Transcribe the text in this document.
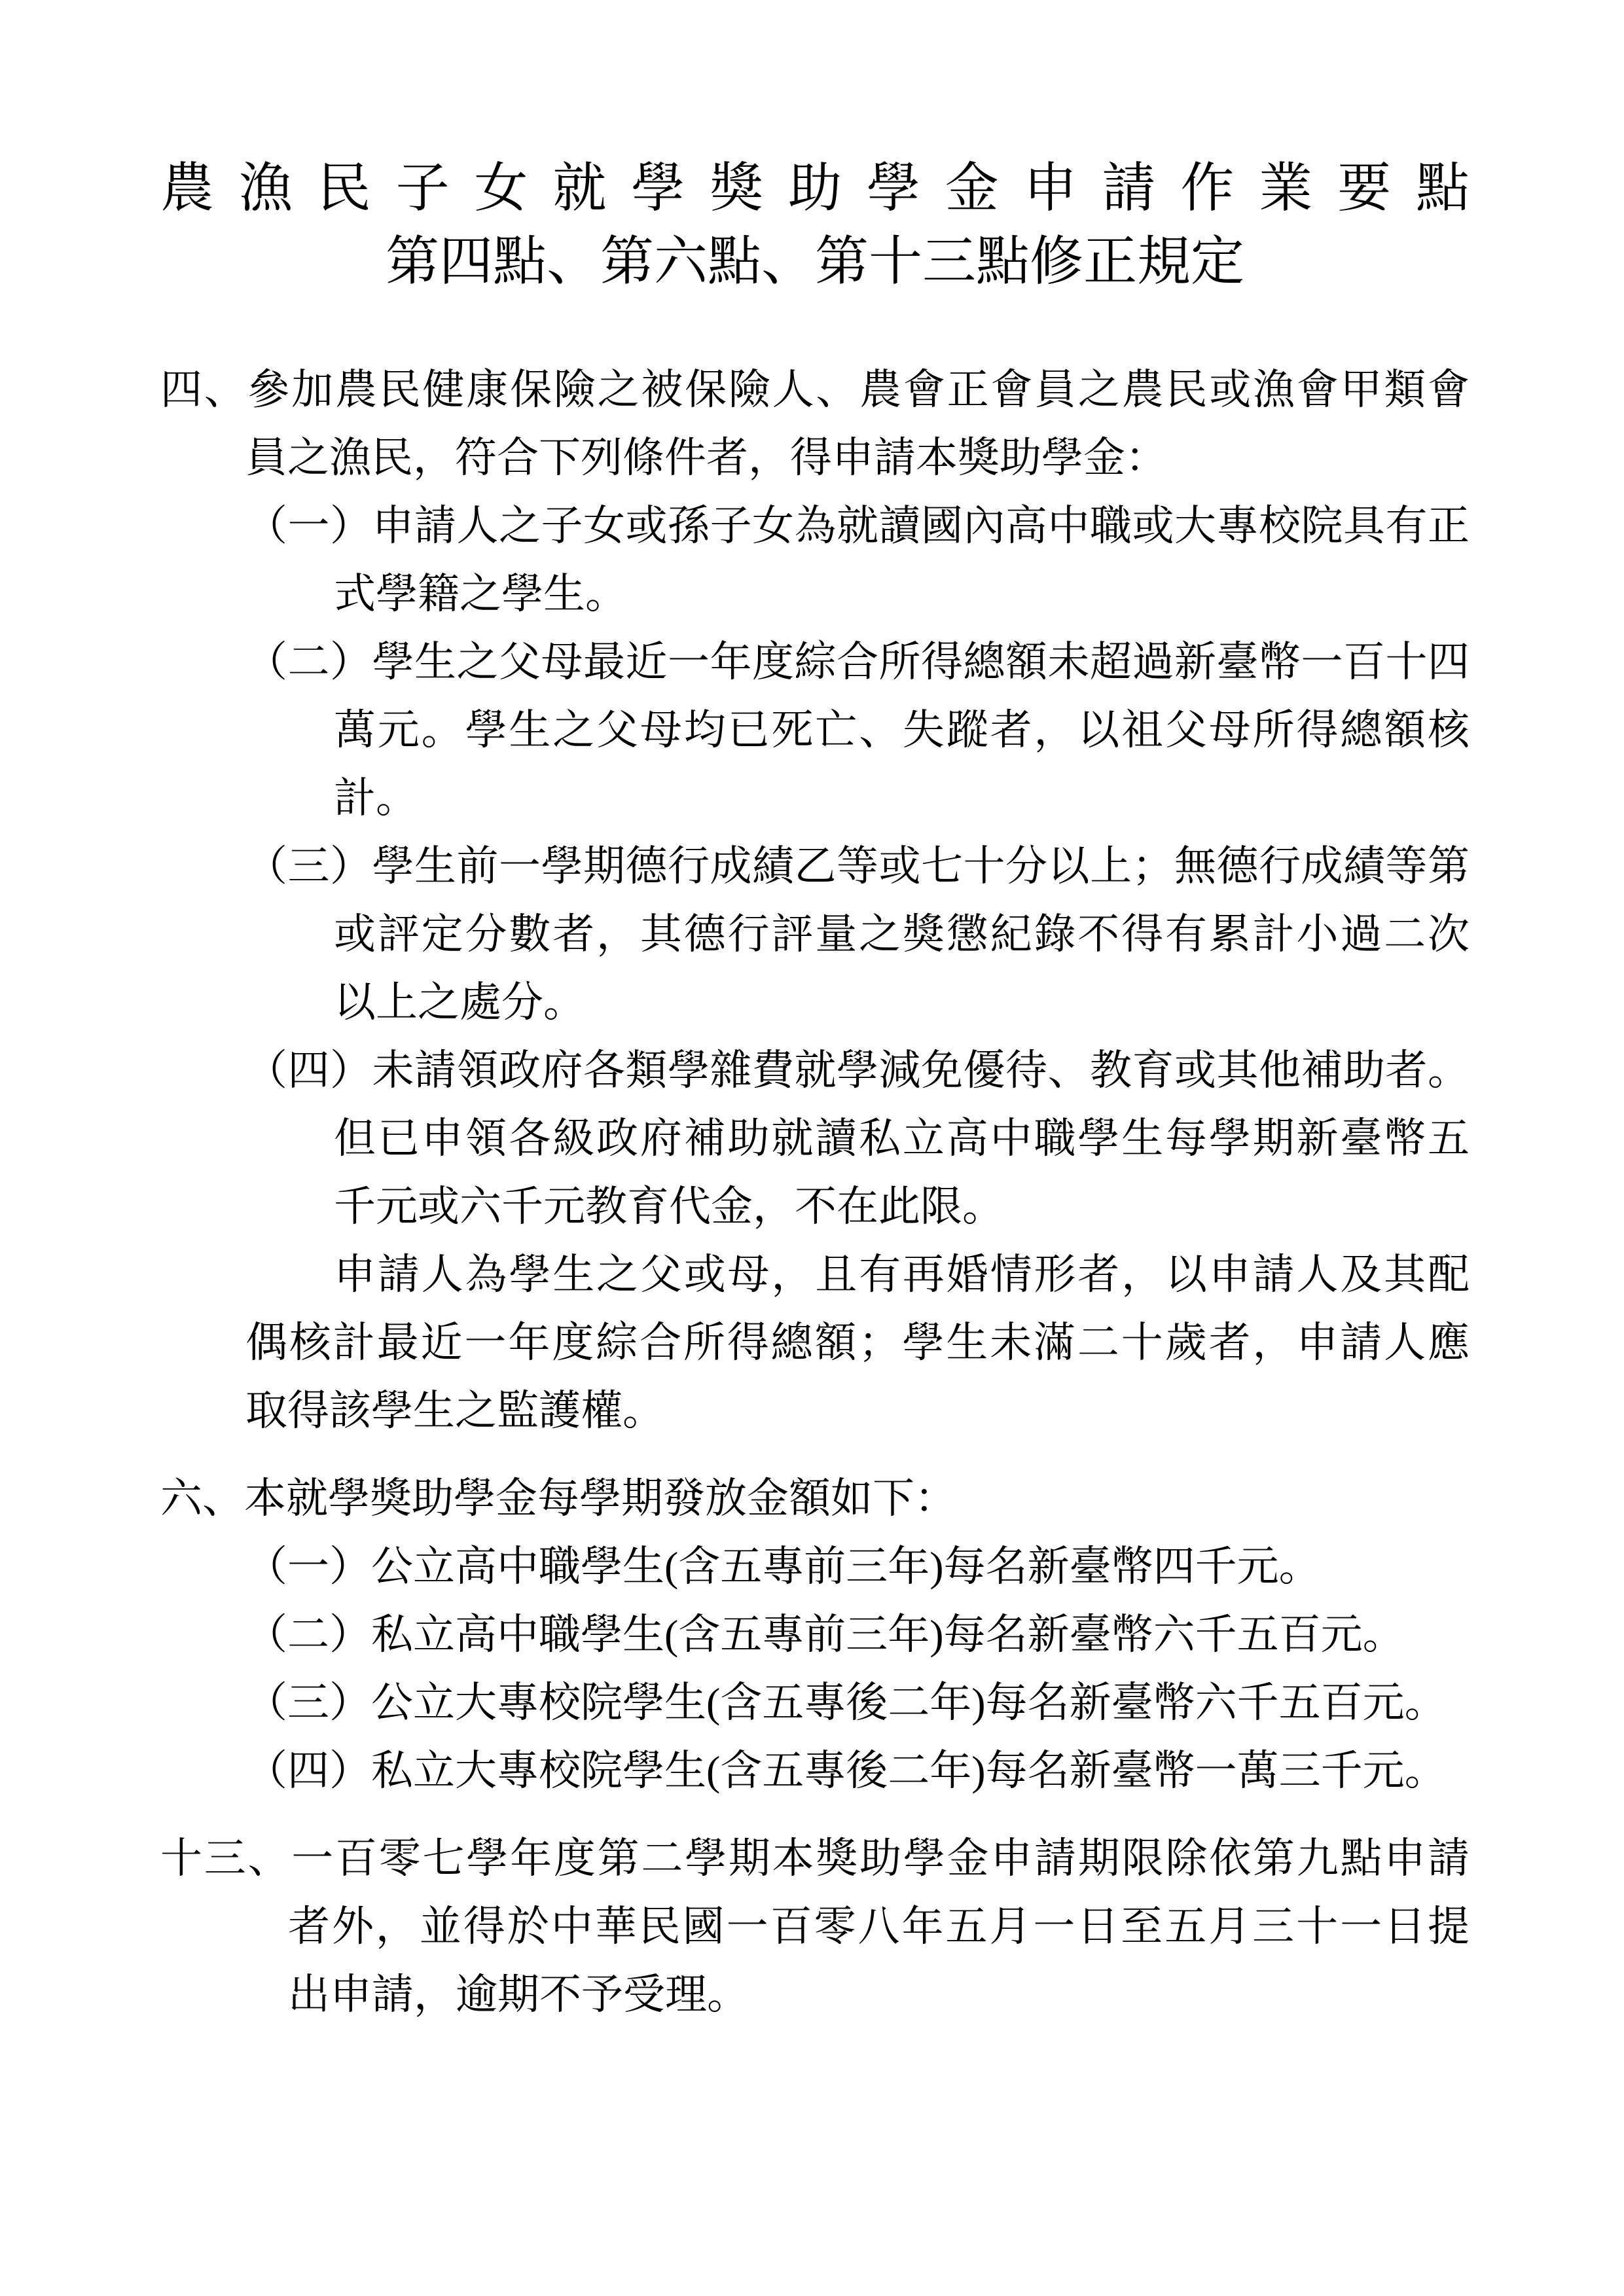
農漁民子女就學獎助學金申請作業要點
第四點、第六點、第十三點修正規定
四、參加農民健康保險之被保險人、農會正會員之農民或漁會甲類會
員之漁民，符合下列條件者，得申請本獎助學金：
（一）申請人之子女或孫子女為就讀國內高中職或大專校院具有正
式學籍之學生。
（二）學生之父母最近一年度綜合所得總額未超過新臺幣一百十四
萬元。學生之父母均已死亡、失蹤者，以祖父母所得總額核
計。
（三）學生前一學期德行成績乙等或七十分以上；無德行成績等第
或評定分數者，其德行評量之獎懲紀錄不得有累計小過二次
以上之處分。
（四）未請領政府各類學雜費就學減免優待、教育或其他補助者。
但已申領各級政府補助就讀私立高中職學生每學期新臺幣五
千元或六千元教育代金，不在此限。
申請人為學生之父或母，且有再婚情形者，以申請人及其配
偶核計最近一年度綜合所得總額；學生未滿二十歲者，申請人應
取得該學生之監護權。
六、本就學獎助學金每學期發放金額如下：
（一）公立高中職學生(含五專前三年)每名新臺幣四千元。
（二）私立高中職學生(含五專前三年)每名新臺幣六千五百元。
（三）公立大專校院學生(含五專後二年)每名新臺幣六千五百元。
（四）私立大專校院學生(含五專後二年)每名新臺幣一萬三千元。
十三、一百零七學年度第二學期本獎助學金申請期限除依第九點申請
者外，並得於中華民國一百零八年五月一日至五月三十一日提
出申請，逾期不予受理。
